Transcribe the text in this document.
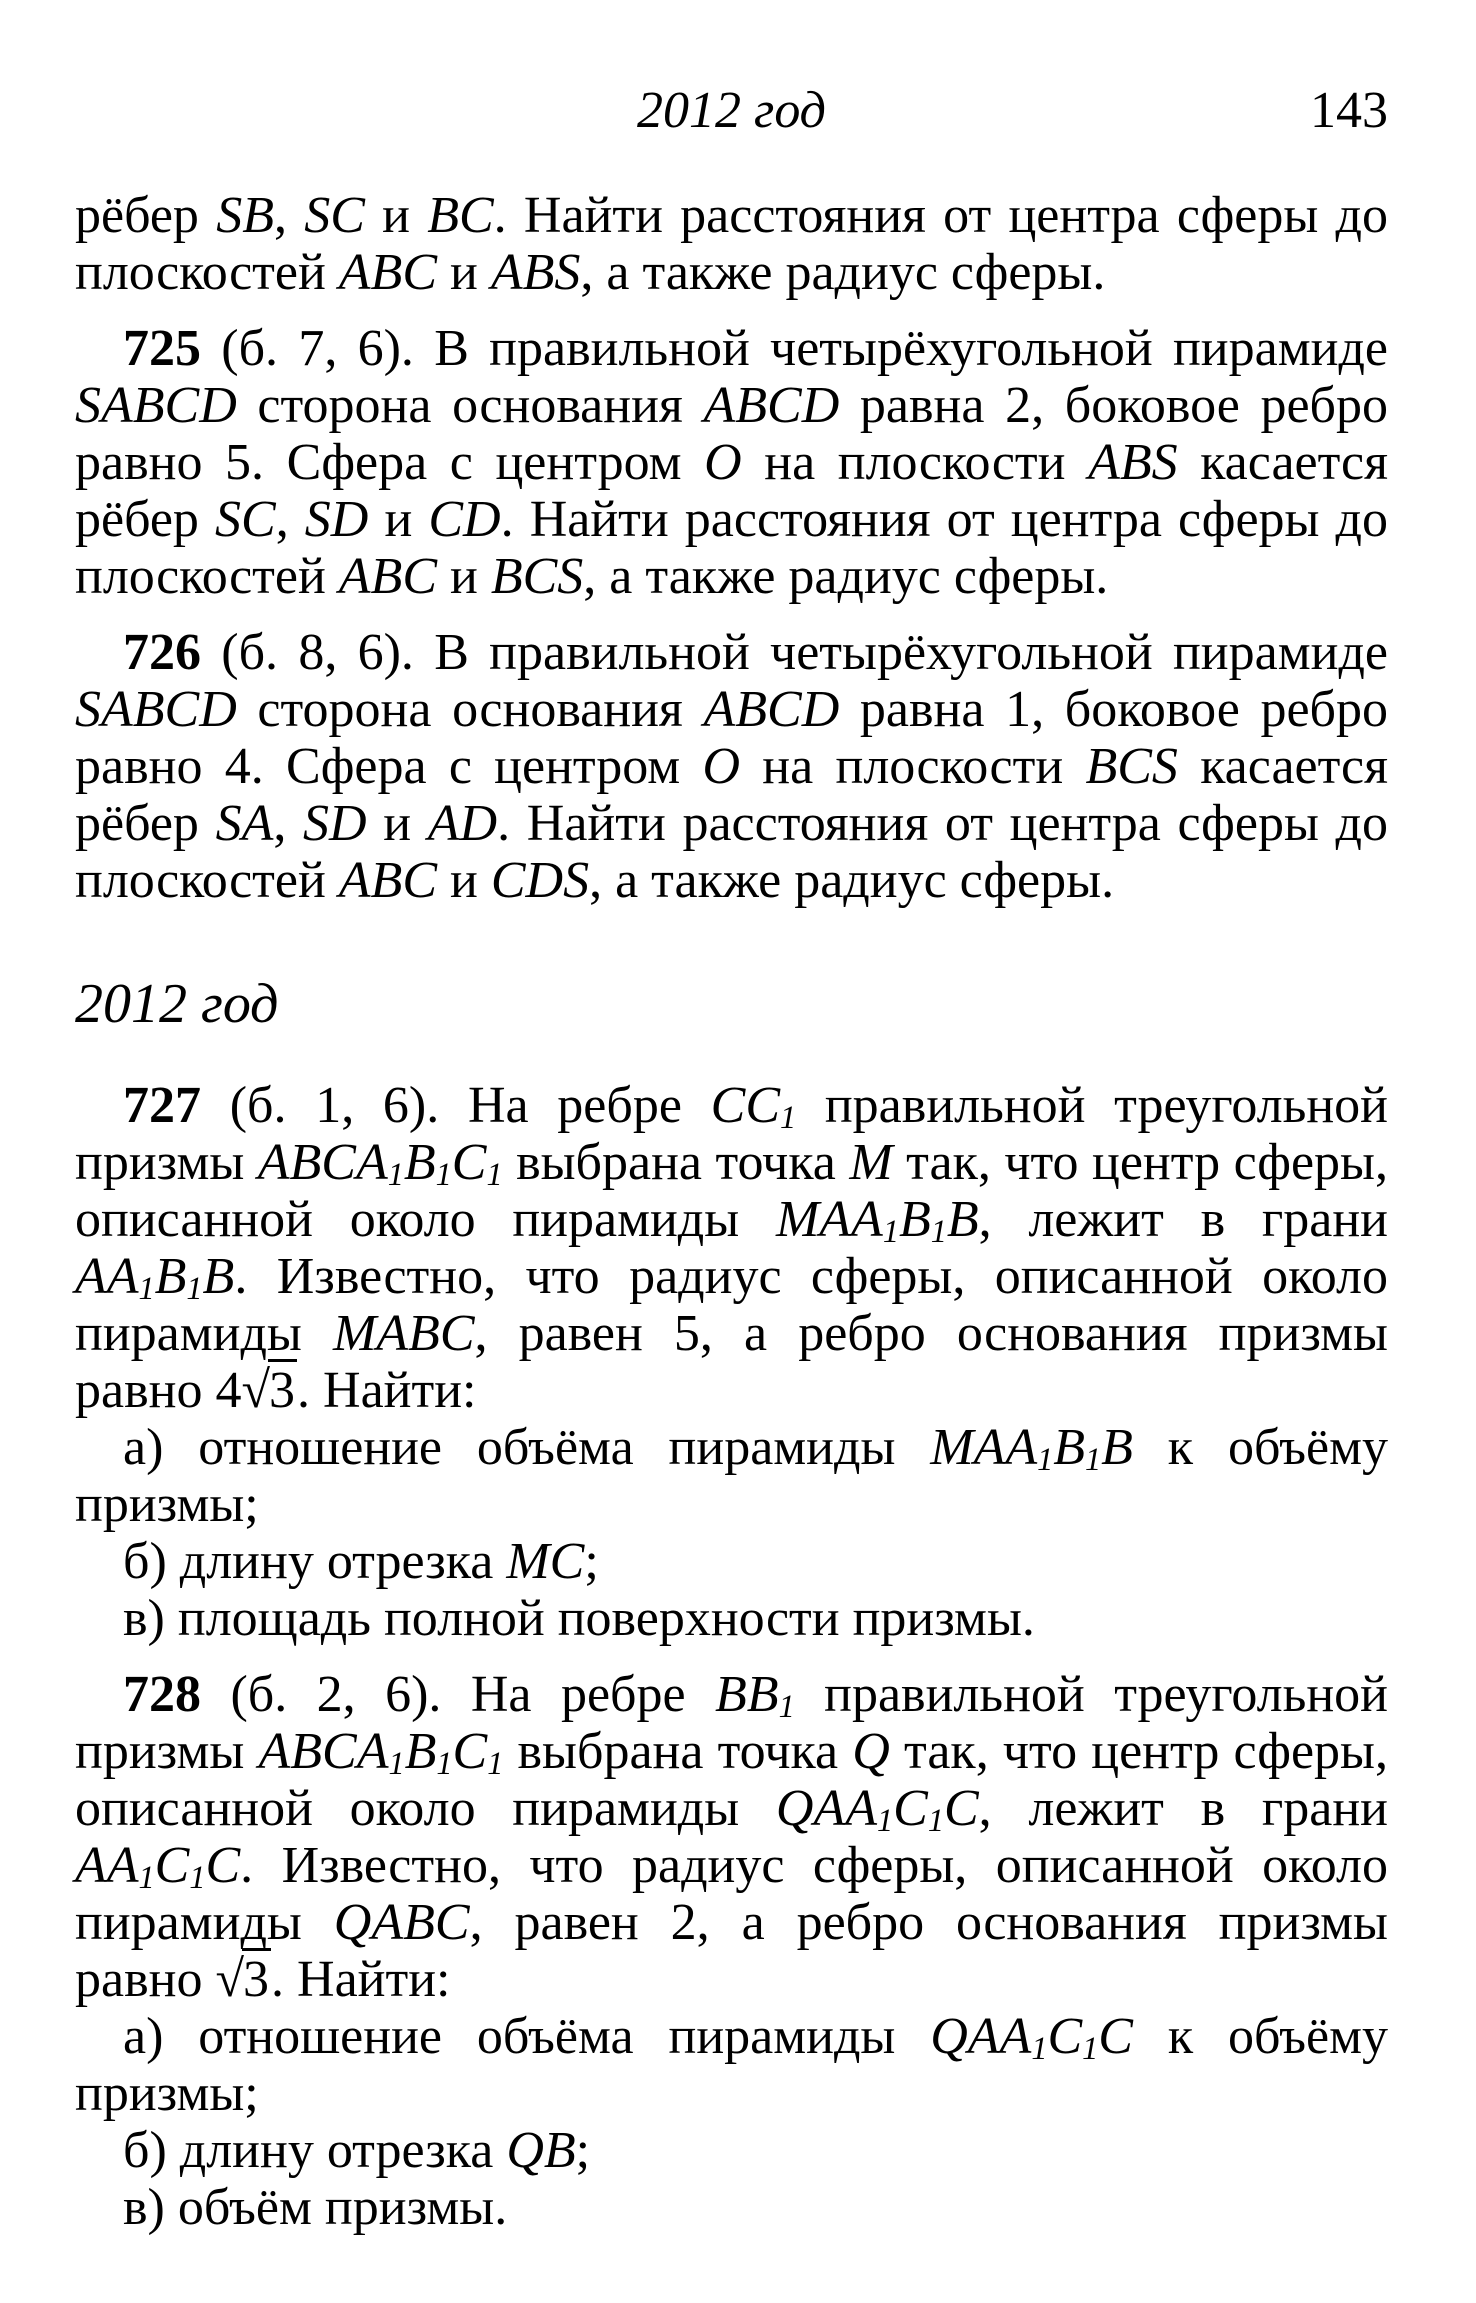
2012 год	143

рёбер SB, SC и BC. Найти расстояния от центра сферы до плоскостей ABC и ABS, а также радиус сферы.

725 (б. 7, 6). В правильной четырёхугольной пирамиде SABCD сторона основания ABCD равна 2, боковое ребро равно 5. Сфера с центром O на плоскости ABS касается рёбер SC, SD и CD. Найти расстояния от центра сферы до плоскостей ABC и BCS, а также радиус сферы.

726 (б. 8, 6). В правильной четырёхугольной пирамиде SABCD сторона основания ABCD равна 1, боковое ребро равно 4. Сфера с центром O на плоскости BCS касается рёбер SA, SD и AD. Найти расстояния от центра сферы до плоскостей ABC и CDS, а также радиус сферы.

2012 год

727 (б. 1, 6). На ребре $CC_1$ правильной треугольной призмы $ABCA_1B_1C_1$ выбрана точка M так, что центр сферы, описанной около пирамиды $MAA_1B_1B$, лежит в грани $AA_1B_1B$. Известно, что радиус сферы, описанной около пирамиды MABC, равен 5, а ребро основания призмы равно 4√3. Найти:

а) отношение объёма пирамиды $MAA_1B_1B$ к объёму призмы;

б) длину отрезка MC;

в) площадь полной поверхности призмы.

728 (б. 2, 6). На ребре $BB_1$ правильной треугольной призмы $ABCA_1B_1C_1$ выбрана точка Q так, что центр сферы, описанной около пирамиды $QAA_1C_1C$, лежит в грани $AA_1C_1C$. Известно, что радиус сферы, описанной около пирамиды QABC, равен 2, а ребро основания призмы равно √3. Найти:

а) отношение объёма пирамиды $QAA_1C_1C$ к объёму призмы;

б) длину отрезка QB;

в) объём призмы.
